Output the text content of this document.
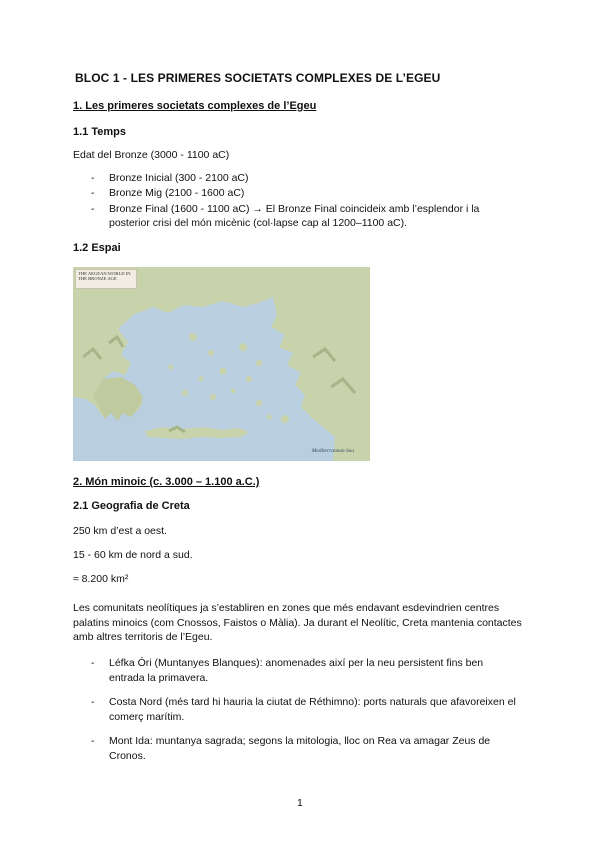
BLOC 1 - LES PRIMERES SOCIETATS COMPLEXES DE L’EGEU
1. Les primeres societats complexes de l’Egeu
1.1 Temps
Edat del Bronze (3000 - 1100 aC)
-	Bronze Inicial (300 - 2100 aC)
-	Bronze Mig (2100 - 1600 aC)
-	Bronze Final (1600 - 1100 aC) → El Bronze Final coincideix amb l’esplendor i la posterior crisi del món micènic (col·lapse cap al 1200–1100 aC).
1.2 Espai
THE AEGEAN WORLD IN THE BRONZE AGE
Mediterranean Sea
2. Món minoic (c. 3.000 – 1.100 a.C.)
2.1 Geografia de Creta
250 km d’est a oest.
15 - 60 km de nord a sud.
≈ 8.200 km²
Les comunitats neolítiques ja s’establiren en zones que més endavant esdevindrien centres palatins minoics (com Cnossos, Faistos o Màlia). Ja durant el Neolític, Creta mantenia contactes amb altres territoris de l’Egeu.
-	Léfka Óri (Muntanyes Blanques): anomenades així per la neu persistent fins ben entrada la primavera.
-	Costa Nord (més tard hi hauria la ciutat de Réthimno): ports naturals que afavoreixen el comerç marítim.
-	Mont Ida: muntanya sagrada; segons la mitologia, lloc on Rea va amagar Zeus de Cronos.
1
